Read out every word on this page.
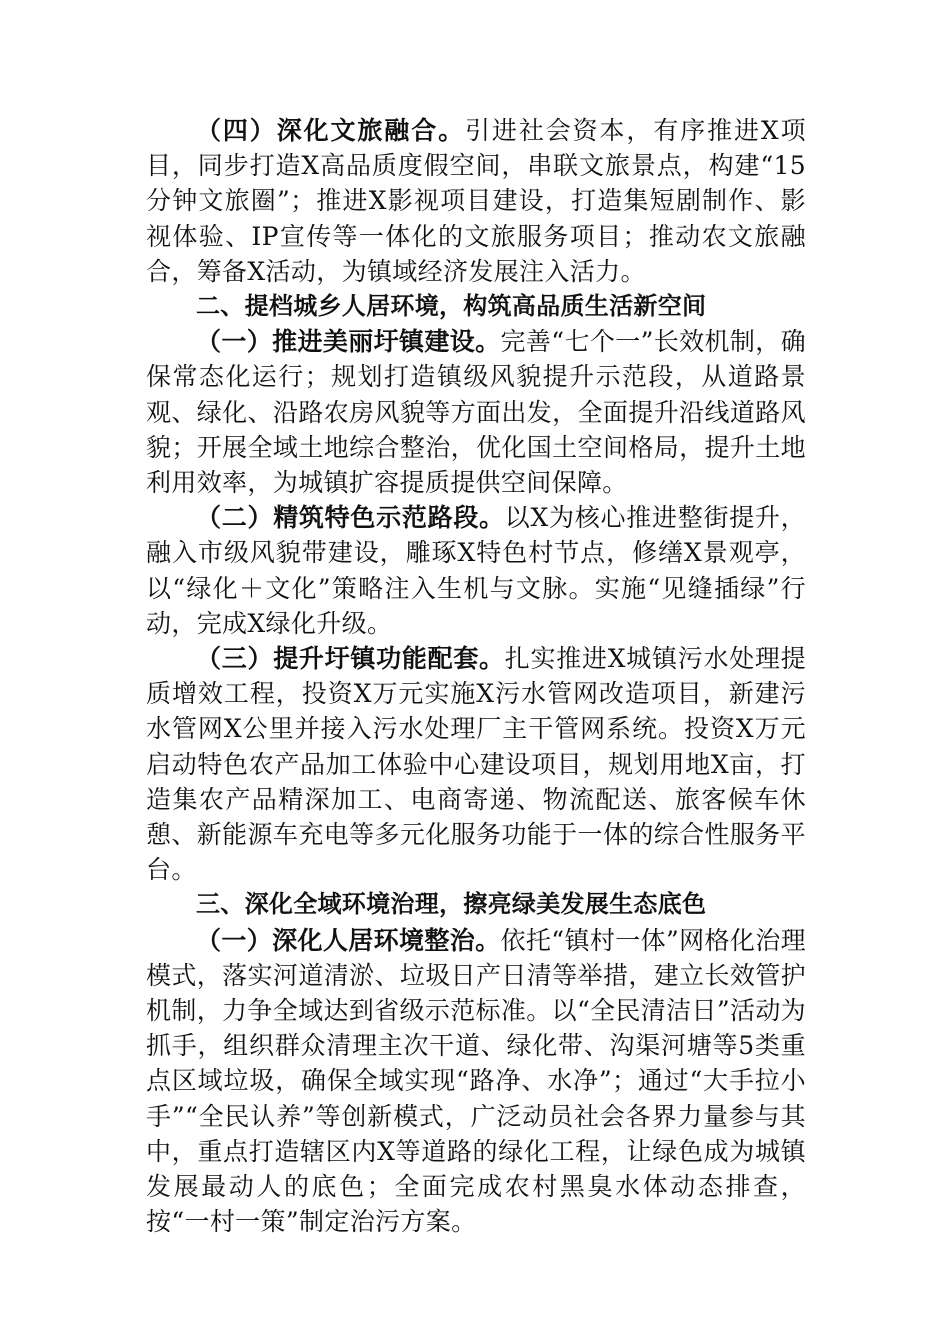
（四）深化文旅融合。引进社会资本，有序推进X项目，同步打造X高品质度假空间，串联文旅景点，构建“15分钟文旅圈”；推进X影视项目建设，打造集短剧制作、影视体验、IP宣传等一体化的文旅服务项目；推动农文旅融合，筹备X活动，为镇域经济发展注入活力。

二、提档城乡人居环境，构筑高品质生活新空间

（一）推进美丽圩镇建设。完善“七个一”长效机制，确保常态化运行；规划打造镇级风貌提升示范段，从道路景观、绿化、沿路农房风貌等方面出发，全面提升沿线道路风貌；开展全域土地综合整治，优化国土空间格局，提升土地利用效率，为城镇扩容提质提供空间保障。

（二）精筑特色示范路段。以X为核心推进整街提升，融入市级风貌带建设，雕琢X特色村节点，修缮X景观亭，以“绿化＋文化”策略注入生机与文脉。实施“见缝插绿”行动，完成X绿化升级。

（三）提升圩镇功能配套。扎实推进X城镇污水处理提质增效工程，投资X万元实施X污水管网改造项目，新建污水管网X公里并接入污水处理厂主干管网系统。投资X万元启动特色农产品加工体验中心建设项目，规划用地X亩，打造集农产品精深加工、电商寄递、物流配送、旅客候车休憩、新能源车充电等多元化服务功能于一体的综合性服务平台。

三、深化全域环境治理，擦亮绿美发展生态底色

（一）深化人居环境整治。依托“镇村一体”网格化治理模式，落实河道清淤、垃圾日产日清等举措，建立长效管护机制，力争全域达到省级示范标准。以“全民清洁日”活动为抓手，组织群众清理主次干道、绿化带、沟渠河塘等5类重点区域垃圾，确保全域实现“路净、水净”；通过“大手拉小手”“全民认养”等创新模式，广泛动员社会各界力量参与其中，重点打造辖区内X等道路的绿化工程，让绿色成为城镇发展最动人的底色；全面完成农村黑臭水体动态排查，按“一村一策”制定治污方案。
